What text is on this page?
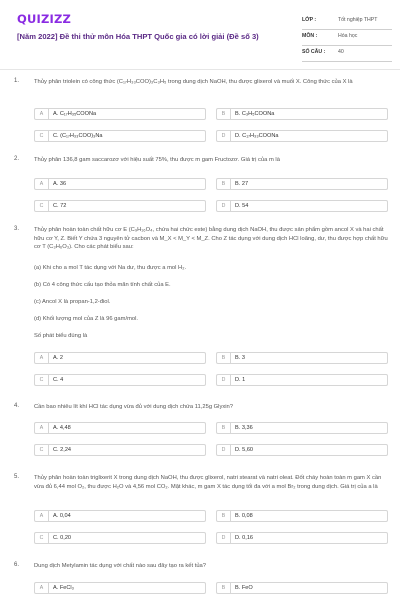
QUIZIZZ
[Năm 2022] Đề thi thử môn Hóa THPT Quốc gia có lời giải (Đề số 3)
LỚP :	Tốt nghiệp THPT
MÔN :	Hóa học
SỐ CÂU : 40
1.	Thủy phân triolein có công thức (C₁₇H₃₃COO)₃C₃H₅ trong dung dịch NaOH, thu được glixerol và muối X. Công thức của X là
A	A. C₁₇H₃₅COONa	B	B. C₃H₅COONa
C	C. (C₁₇H₃₃COO)₃Na	D	D. C₁₇H₃₃COONa
2.	Thủy phân 136,8 gam saccarozơ với hiệu suất 75%, thu được m gam Fructozơ. Giá trị của m là
A	A. 36	B	B. 27
C	C. 72	D	D. 54
3.	Thủy phân hoàn toàn chất hữu cơ E (C₉H₁₆O₄, chứa hai chức este) bằng dung dịch NaOH, thu được sản phẩm gồm ancol X và hai chất hữu cơ Y, Z. Biết Y chứa 3 nguyên tử cacbon và M_X < M_Y < M_Z. Cho Z tác dụng với dung dịch HCl loãng, dư, thu được hợp chất hữu cơ T (C₃H₆O₃). Cho các phát biểu sau:
(a) Khi cho a mol T tác dụng với Na dư, thu được a mol H₂.
(b) Có 4 công thức cấu tạo thỏa mãn tính chất của E.
(c) Ancol X là propan-1,2-điol.
(d) Khối lượng mol của Z là 96 gam/mol.
Số phát biểu đúng là
A	A. 2	B	B. 3
C	C. 4	D	D. 1
4.	Cần bao nhiêu lít khí HCl tác dụng vừa đủ với dung dịch chứa 11,25g Glyxin?
A	A. 4,48	B	B. 3,36
C	C. 2,24	D	D. 5,60
5.	Thủy phân hoàn toàn triglixerit X trong dung dịch NaOH, thu được glixerol, natri stearat và natri oleat. Đốt cháy hoàn toàn m gam X cần vừa đủ 6,44 mol O₂, thu được H₂O và 4,56 mol CO₂. Mặt khác, m gam X tác dụng tối đa với a mol Br₂ trong dung dịch. Giá trị của a là
A	A. 0,04	B	B. 0,08
C	C. 0,20	D	D. 0,16
6.	Dung dịch Metylamin tác dụng với chất nào sau đây tạo ra kết tủa?
A	A. FeCl₃	B	B. FeO
